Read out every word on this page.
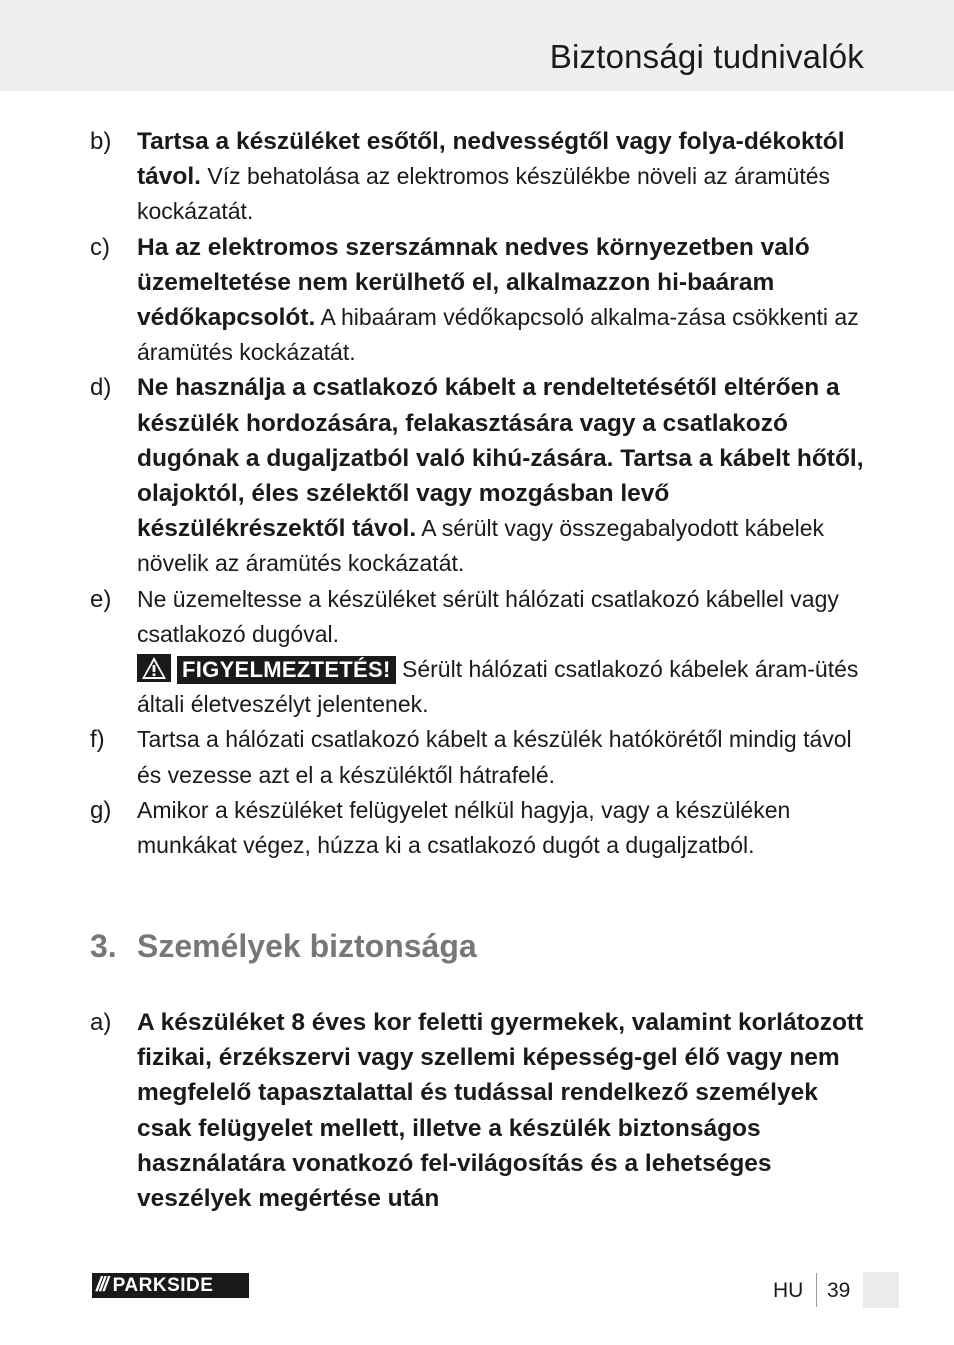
Biztonsági tudnivalók
b) Tartsa a készüléket esőtől, nedvességtől vagy folya-dékoktól távol. Víz behatolása az elektromos készülékbe növeli az áramütés kockázatát.
c) Ha az elektromos szerszámnak nedves környezetben való üzemeltetése nem kerülhető el, alkalmazzon hi-baáram védőkapcsolót. A hibaáram védőkapcsoló alkalma-zása csökkenti az áramütés kockázatát.
d) Ne használja a csatlakozó kábelt a rendeltetésétől eltérően a készülék hordozására, felakasztására vagy a csatlakozó dugónak a dugaljzatból való kihú-zására. Tartsa a kábelt hőtől, olajoktól, éles szélektől vagy mozgásban levő készülékrészektől távol. A sérült vagy összegabalyodott kábelek növelik az áramütés kockázatát.
e) Ne üzemeltesse a készüléket sérült hálózati csatlakozó kábellel vagy csatlakozó dugóval.
FIGYELMEZTETÉS! Sérült hálózati csatlakozó kábelek áram-ütés általi életveszélyt jelentenek.
f) Tartsa a hálózati csatlakozó kábelt a készülék hatókörétől mindig távol és vezesse azt el a készüléktől hátrafelé.
g) Amikor a készüléket felügyelet nélkül hagyja, vagy a készüléken munkákat végez, húzza ki a csatlakozó dugót a dugaljzatból.
3. Személyek biztonsága
a) A készüléket 8 éves kor feletti gyermekek, valamint korlátozott fizikai, érzékszervi vagy szellemi képesség-gel élő vagy nem megfelelő tapasztalattal és tudással rendelkező személyek csak felügyelet mellett, illetve a készülék biztonságos használatára vonatkozó fel-világosítás és a lehetséges veszélyek megértése után
/// PARKSIDE	HU 39
